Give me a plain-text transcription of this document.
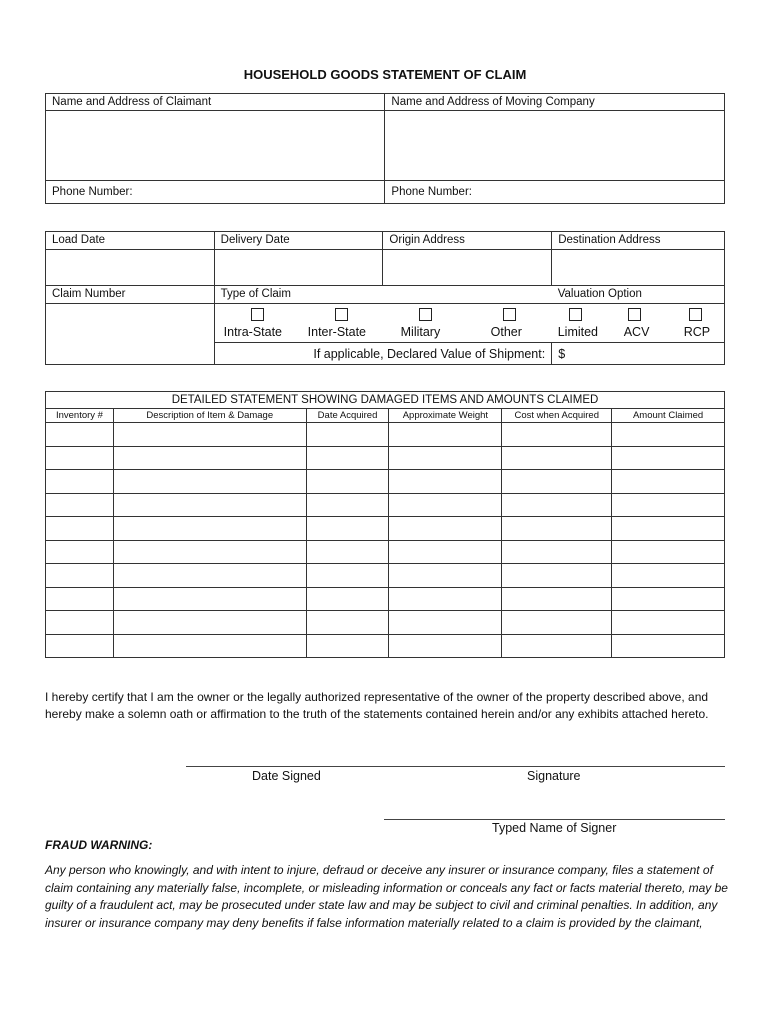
HOUSEHOLD GOODS STATEMENT OF CLAIM
Name and Address of Claimant	Name and Address of Moving Company

Phone Number:	Phone Number:
Load Date	Delivery Date	Origin Address	Destination Address

Claim Number	Type of Claim		Valuation Option

	Intra-State Inter-State Military Other		Limited ACV RCP

	If applicable, Declared Value of Shipment:		$
DETAILED STATEMENT SHOWING DAMAGED ITEMS AND AMOUNTS CLAIMED					
Inventory #	Description of Item & Damage	Date Acquired	Approximate Weight	Cost when Acquired	Amount Claimed

I hereby certify that I am the owner or the legally authorized representative of the owner of the property described above, and hereby make a solemn oath or affirmation to the truth of the statements contained herein and/or any exhibits attached hereto.
Date Signed	Signature
Typed Name of Signer
FRAUD WARNING:
Any person who knowingly, and with intent to injure, defraud or deceive any insurer or insurance company, files a statement of claim containing any materially false, incomplete, or misleading information or conceals any fact or facts material thereto, may be guilty of a fraudulent act, may be prosecuted under state law and may be subject to civil and criminal penalties. In addition, any insurer or insurance company may deny benefits if false information materially related to a claim is provided by the claimant,
